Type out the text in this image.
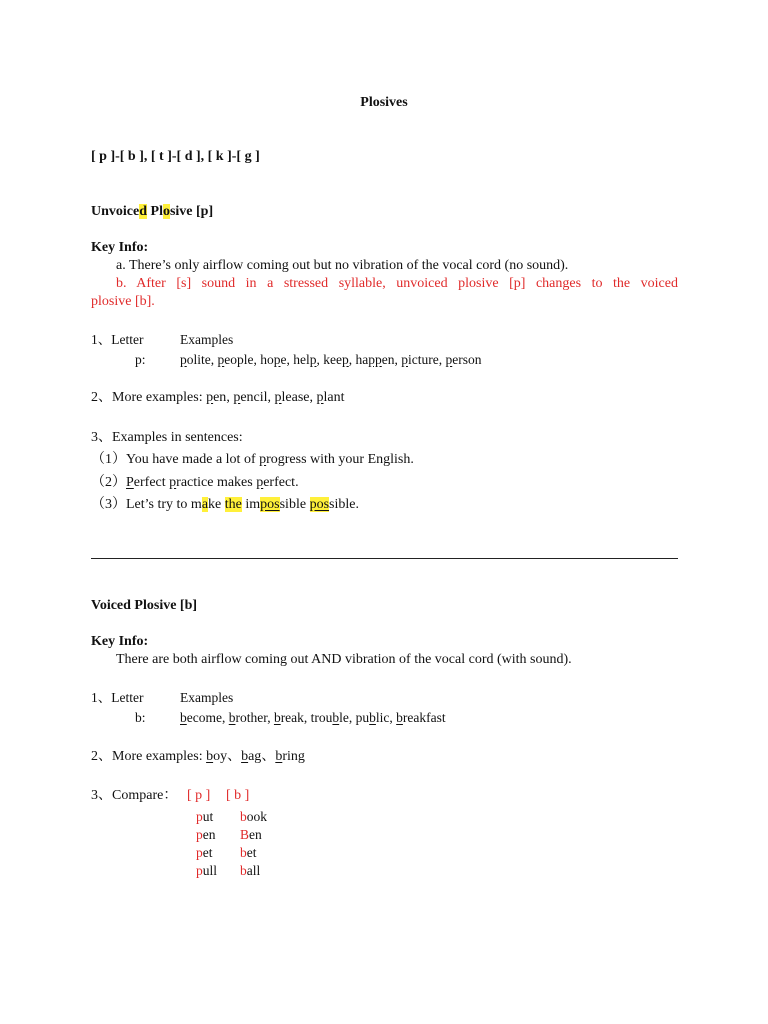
Plosives
[ p ]-[ b ], [ t ]-[ d ], [ k ]-[ g ]
Unvoiced Plosive [p]
Key Info:
a. There’s only airflow coming out but no vibration of the vocal cord (no sound).
b. After [s] sound in a stressed syllable, unvoiced plosive [p] changes to the voiced
plosive [b].
1、Letter	Examples
p:	polite, people, hope, help, keep, happen, picture, person
2、More examples: pen, pencil, please, plant
3、Examples in sentences:
（1）You have made a lot of progress with your English.
（2）Perfect practice makes perfect.
（3）Let’s try to make the impossible possible.
Voiced Plosive [b]
Key Info:
There are both airflow coming out AND vibration of the vocal cord (with sound).
1、Letter	Examples
b:	become, brother, break, trouble, public, breakfast
2、More examples: boy、bag、bring
3、Compare： [ p ] [ b ]
put book
pen Ben
pet bet
pull ball
